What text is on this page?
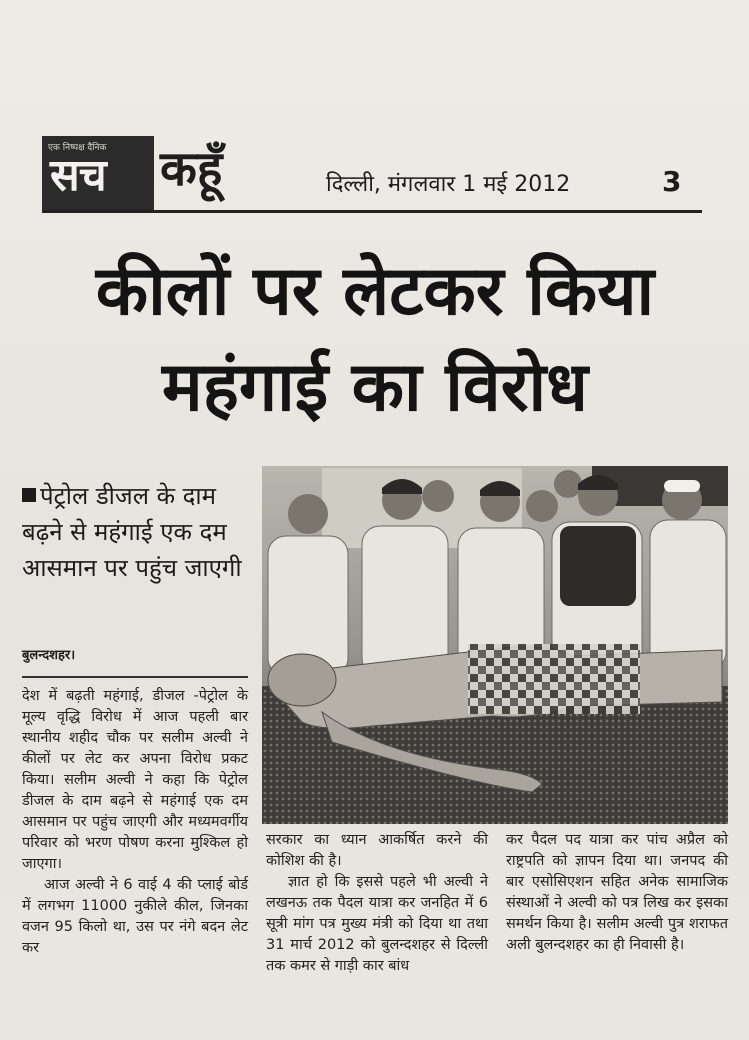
एक निष्पक्ष दैनिक
सच कहूँ	दिल्ली, मंगलवार 1 मई 2012	3
कीलों पर लेटकर किया
महंगाई का विरोध
पेट्रोल डीजल के दाम बढ़ने से महंगाई एक दम आसमान पर पहुंच जाएगी
बुलन्दशहर।

देश में बढ़ती महंगाई, डीजल -पेट्रोल के मूल्य वृद्धि विरोध में आज पहली बार स्थानीय शहीद चौक पर सलीम अल्वी ने कीलों पर लेट कर अपना विरोध प्रकट किया। सलीम अल्वी ने कहा कि पेट्रोल डीजल के दाम बढ़ने से महंगाई एक दम आसमान पर पहुंच जाएगी और मध्यमवर्गीय परिवार को भरण पोषण करना मुश्किल हो जाएगा।

आज अल्वी ने 6 वाई 4 की प्लाई बोर्ड में लगभग 11000 नुकीले कील, जिनका वजन 95 किलो था, उस पर नंगे बदन लेट कर

सरकार का ध्यान आकर्षित करने की कोशिश की है।

ज्ञात हो कि इससे पहले भी अल्वी ने लखनऊ तक पैदल यात्रा कर जनहित में 6 सूत्री मांग पत्र मुख्य मंत्री को दिया था तथा 31 मार्च 2012 को बुलन्दशहर से दिल्ली तक कमर से गाड़ी कार बांध

कर पैदल पद यात्रा कर पांच अप्रैल को राष्ट्रपति को ज्ञापन दिया था। जनपद की बार एसोसिएशन सहित अनेक सामाजिक संस्थाओं ने अल्वी को पत्र लिख कर इसका समर्थन किया है। सलीम अल्वी पुत्र शराफत अली बुलन्दशहर का ही निवासी है।
